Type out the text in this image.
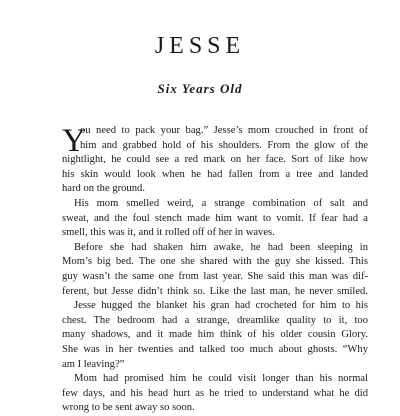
JESSE
Six Years Old
Y
ou need to pack your bag.” Jesse’s mom crouched in front of
him and grabbed hold of his shoulders. From the glow of the
nightlight, he could see a red mark on her face. Sort of like how
his skin would look when he had fallen from a tree and landed
hard on the ground.
His mom smelled weird, a strange combination of salt and
sweat, and the foul stench made him want to vomit. If fear had a
smell, this was it, and it rolled off of her in waves.
Before she had shaken him awake, he had been sleeping in
Mom’s big bed. The one she shared with the guy she kissed. This
guy wasn’t the same one from last year. She said this man was dif-
ferent, but Jesse didn’t think so. Like the last man, he never smiled.
Jesse hugged the blanket his gran had crocheted for him to his
chest. The bedroom had a strange, dreamlike quality to it, too
many shadows, and it made him think of his older cousin Glory.
She was in her twenties and talked too much about ghosts. “Why
am I leaving?”
Mom had promised him he could visit longer than his normal
few days, and his head hurt as he tried to understand what he did
wrong to be sent away so soon.
